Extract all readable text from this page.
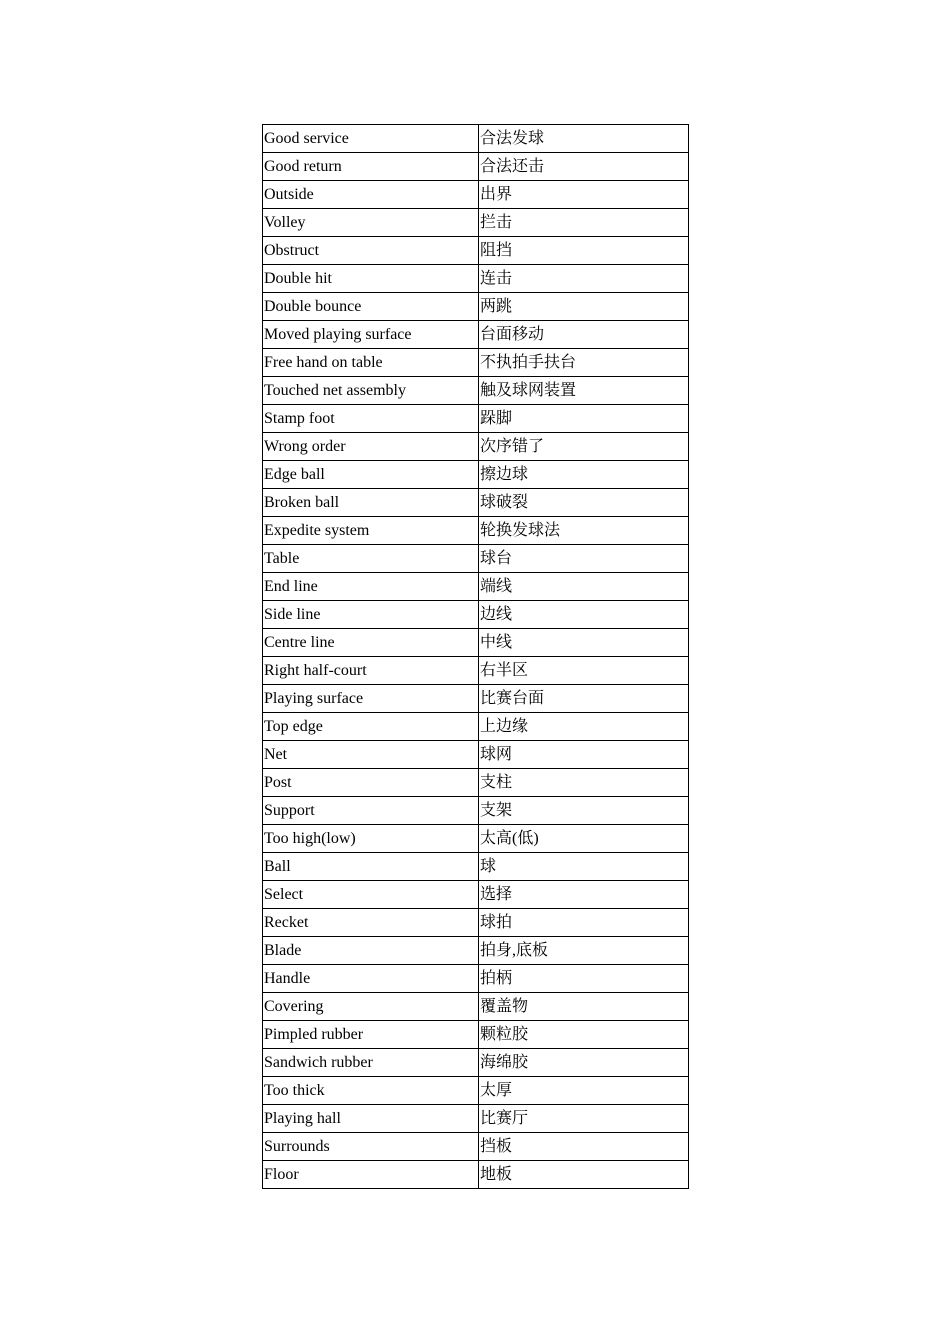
Good service	合法发球
Good return	合法还击
Outside	出界
Volley	拦击
Obstruct	阻挡
Double hit	连击
Double bounce	两跳
Moved playing surface	台面移动
Free hand on table	不执拍手扶台
Touched net assembly	触及球网装置
Stamp foot	跺脚
Wrong order	次序错了
Edge ball	擦边球
Broken ball	球破裂
Expedite system	轮换发球法
Table	球台
End line	端线
Side line	边线
Centre line	中线
Right half-court	右半区
Playing surface	比赛台面
Top edge	上边缘
Net	球网
Post	支柱
Support	支架
Too high(low)	太高(低)
Ball	球
Select	选择
Recket	球拍
Blade	拍身,底板
Handle	拍柄
Covering	覆盖物
Pimpled rubber	颗粒胶
Sandwich rubber	海绵胶
Too thick	太厚
Playing hall	比赛厅
Surrounds	挡板
Floor	地板
